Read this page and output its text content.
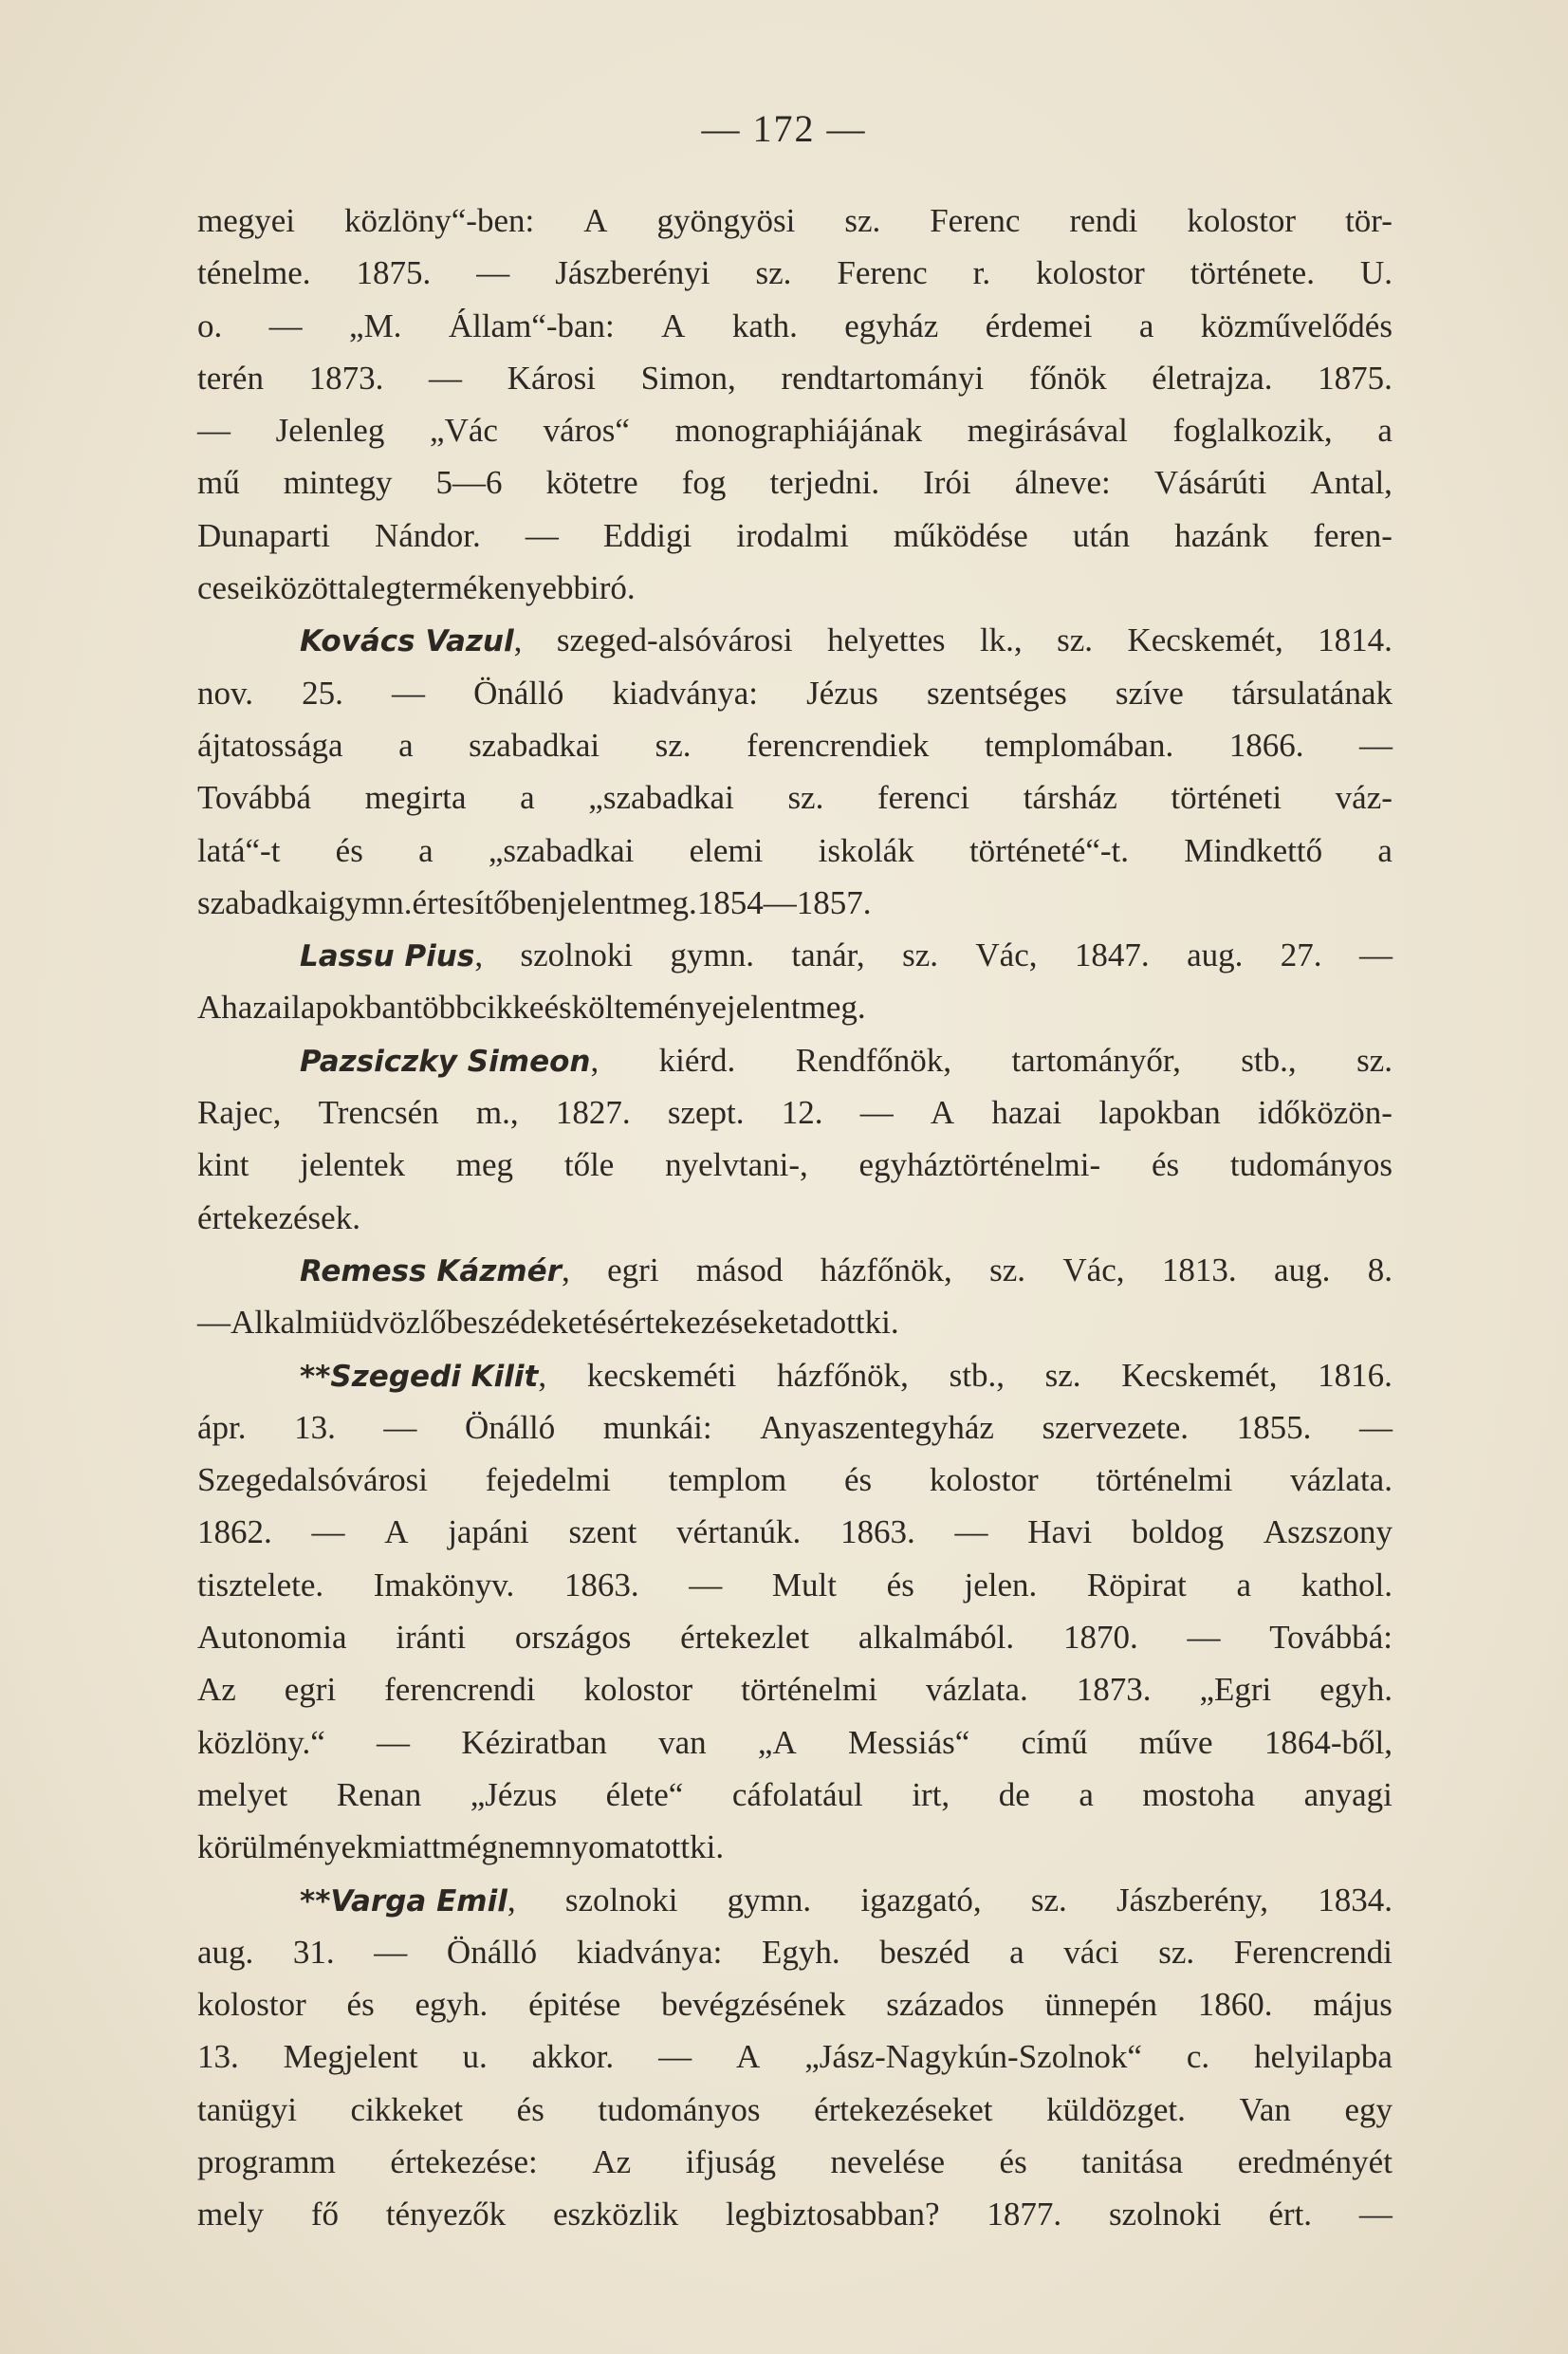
— 172 —
megyei közlöny“-ben: A gyöngyösi sz. Ferenc rendi kolostor tör-
ténelme. 1875. — Jászberényi sz. Ferenc r. kolostor története. U.
o. — „M. Állam“-ban: A kath. egyház érdemei a közművelődés
terén 1873. — Károsi Simon, rendtartományi főnök életrajza. 1875.
— Jelenleg „Vác város“ monographiájának megirásával foglalkozik, a
mű mintegy 5—6 kötetre fog terjedni. Irói álneve: Vásárúti Antal,
Dunaparti Nándor. — Eddigi irodalmi működése után hazánk feren-
cesei között a legtermékenyebb iró.
Kovács Vazul, szeged-alsóvárosi helyettes lk., sz. Kecskemét, 1814.
nov. 25. — Önálló kiadványa: Jézus szentséges szíve társulatának
ájtatossága a szabadkai sz. ferencrendiek templomában. 1866. —
Továbbá megirta a „szabadkai sz. ferenci társház történeti váz-
latá“-t és a „szabadkai elemi iskolák történeté“-t. Mindkettő a
szabadkai gymn. értesítőben jelent meg. 1854—1857.
Lassu Pius, szolnoki gymn. tanár, sz. Vác, 1847. aug. 27. —
A hazai lapokban több cikke és költeménye jelent meg.
Pazsiczky Simeon, kiérd. Rendfőnök, tartományőr, stb., sz.
Rajec, Trencsén m., 1827. szept. 12. — A hazai lapokban időközön-
kint jelentek meg tőle nyelvtani-, egyháztörténelmi- és tudományos
értekezések.
Remess Kázmér, egri másod házfőnök, sz. Vác, 1813. aug. 8.
— Alkalmi üdvözlő beszédeket és értekezéseket adott ki.
**Szegedi Kilit, kecskeméti házfőnök, stb., sz. Kecskemét, 1816.
ápr. 13. — Önálló munkái: Anyaszentegyház szervezete. 1855. —
Szegedalsóvárosi fejedelmi templom és kolostor történelmi vázlata.
1862. — A japáni szent vértanúk. 1863. — Havi boldog Aszszony
tisztelete. Imakönyv. 1863. — Mult és jelen. Röpirat a kathol.
Autonomia iránti országos értekezlet alkalmából. 1870. — Továbbá:
Az egri ferencrendi kolostor történelmi vázlata. 1873. „Egri egyh.
közlöny.“ — Kéziratban van „A Messiás“ című műve 1864-ből,
melyet Renan „Jézus élete“ cáfolatául irt, de a mostoha anyagi
körülmények miatt még nem nyomatott ki.
**Varga Emil, szolnoki gymn. igazgató, sz. Jászberény, 1834.
aug. 31. — Önálló kiadványa: Egyh. beszéd a váci sz. Ferencrendi
kolostor és egyh. épitése bevégzésének százados ünnepén 1860. május
13. Megjelent u. akkor. — A „Jász-Nagykún-Szolnok“ c. helyilapba
tanügyi cikkeket és tudományos értekezéseket küldözget. Van egy
programm értekezése: Az ifjuság nevelése és tanitása eredményét
mely fő tényezők eszközlik legbiztosabban? 1877. szolnoki ért. —
